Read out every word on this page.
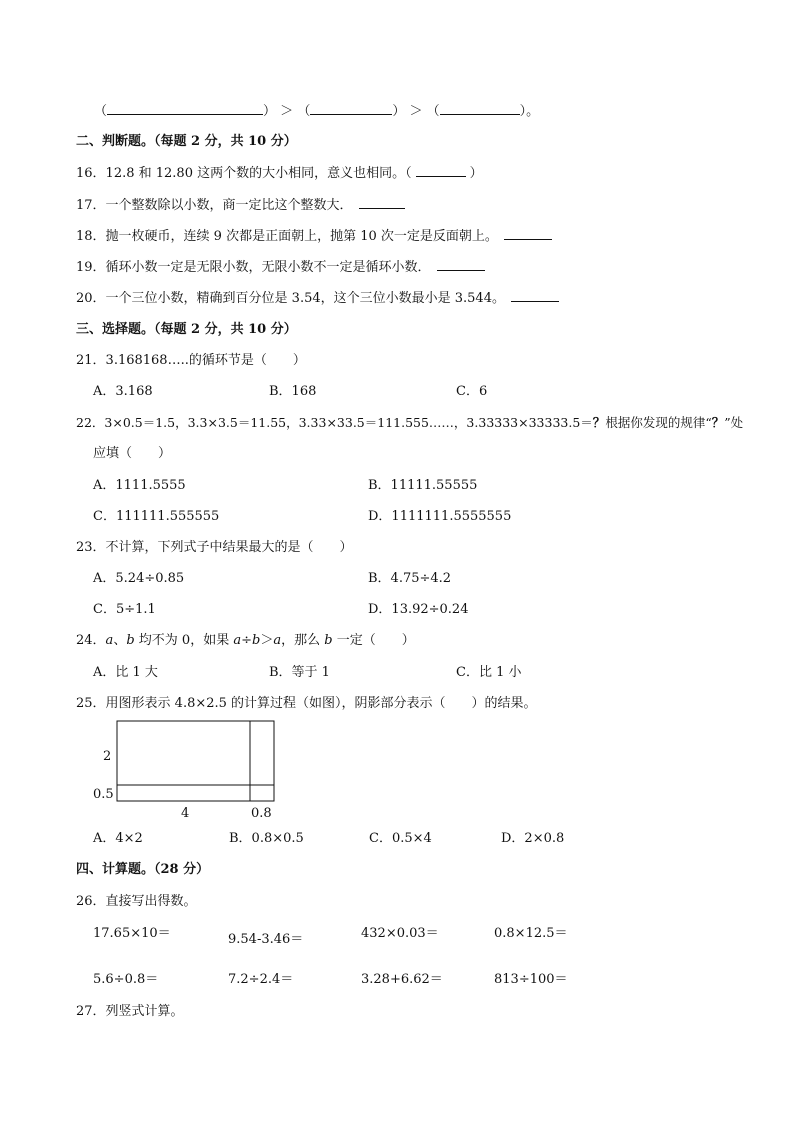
（	） ＞ （	） ＞ （	）。
二、判断题。（每题 2 分，共 10 分）
16．12.8 和 12.80 这两个数的大小相同，意义也相同。（	）
17．一个整数除以小数，商一定比这个整数大．
18．抛一枚硬币，连续 9 次都是正面朝上，抛第 10 次一定是反面朝上。
19．循环小数一定是无限小数，无限小数不一定是循环小数．
20．一个三位小数，精确到百分位是 3.54，这个三位小数最小是 3.544。
三、选择题。（每题 2 分，共 10 分）
21．3.168168…..的循环节是（　　）
A．3.168	B．168	C．6
22．3×0.5＝1.5，3.3×3.5＝11.55，3.33×33.5＝111.555……，3.33333×33333.5＝？根据你发现的规律“？”处
应填（　　）
A．1111.5555	B．11111.55555
C．111111.555555	D．1111111.5555555
23．不计算，下列式子中结果最大的是（　　）
A．5.24÷0.85	B．4.75÷4.2
C．5÷1.1	D．13.92÷0.24
24．a、b 均不为 0，如果 a÷b＞a，那么 b 一定（　　）
A．比 1 大	B．等于 1	C．比 1 小
25．用图形表示 4.8×2.5 的计算过程（如图），阴影部分表示（　　）的结果。
2
0.5
4	0.8
A．4×2	B．0.8×0.5	C．0.5×4	D．2×0.8
四、计算题。（28 分）
26．直接写出得数。
17.65×10＝	9.54-3.46＝	432×0.03＝	0.8×12.5＝
5.6÷0.8＝	7.2÷2.4＝	3.28+6.62＝	813÷100＝
27．列竖式计算。
